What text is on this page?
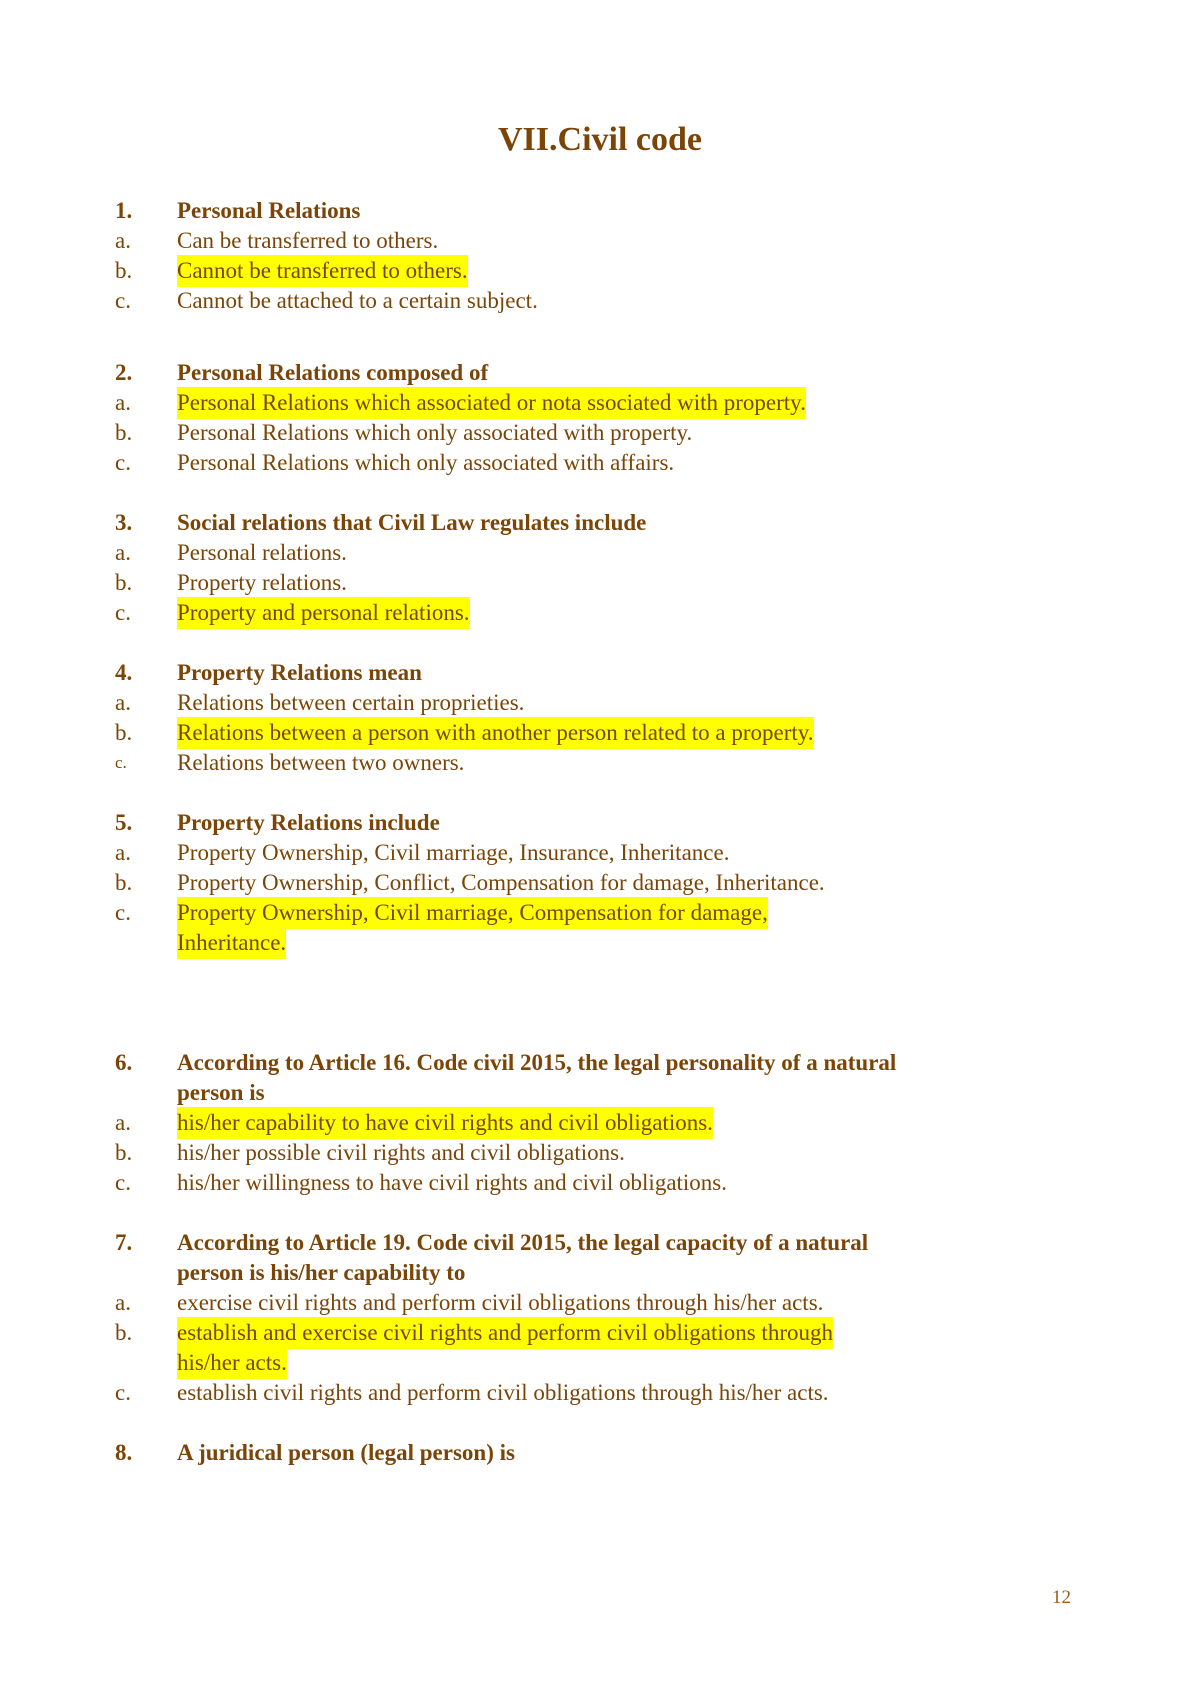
VII.Civil code
1. Personal Relations
a. Can be transferred to others.
b. Cannot be transferred to others.
c. Cannot be attached to a certain subject.
2. Personal Relations composed of
a. Personal Relations which associated or nota ssociated with property.
b. Personal Relations which only associated with property.
c. Personal Relations which only associated with affairs.
3. Social relations that Civil Law regulates include
a. Personal relations.
b. Property relations.
c. Property and personal relations.
4. Property Relations mean
a. Relations between certain proprieties.
b. Relations between a person with another person related to a property.
c. Relations between two owners.
5. Property Relations include
a. Property Ownership, Civil marriage, Insurance, Inheritance.
b. Property Ownership, Conflict, Compensation for damage, Inheritance.
c. Property Ownership, Civil marriage, Compensation for damage,
Inheritance.
6. According to Article 16. Code civil 2015, the legal personality of a natural
person is
a. his/her capability to have civil rights and civil obligations.
b. his/her possible civil rights and civil obligations.
c. his/her willingness to have civil rights and civil obligations.
7. According to Article 19. Code civil 2015, the legal capacity of a natural
person is his/her capability to
a. exercise civil rights and perform civil obligations through his/her acts.
b. establish and exercise civil rights and perform civil obligations through
his/her acts.
c. establish civil rights and perform civil obligations through his/her acts.
8. A juridical person (legal person) is
12
